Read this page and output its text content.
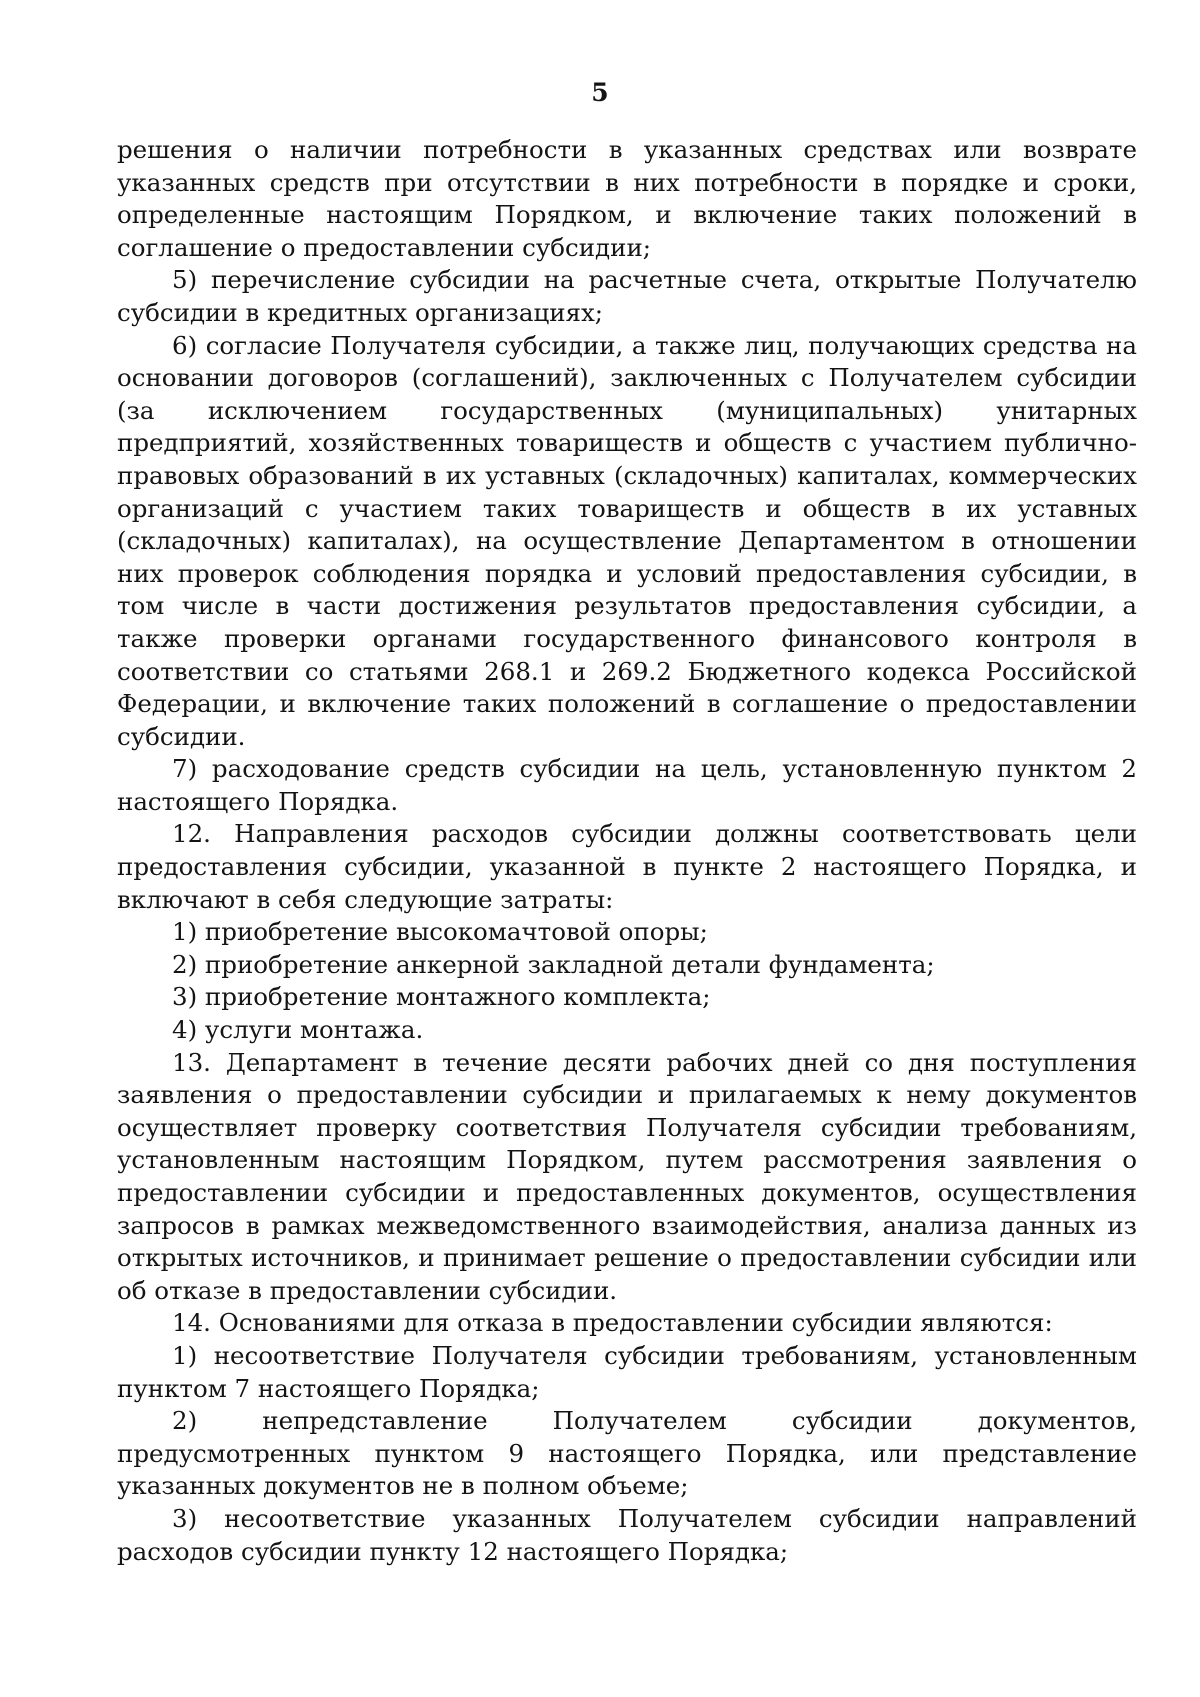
5

решения о наличии потребности в указанных средствах или возврате указанных средств при отсутствии в них потребности в порядке и сроки, определенные настоящим Порядком, и включение таких положений в соглашение о предоставлении субсидии;

5) перечисление субсидии на расчетные счета, открытые Получателю субсидии в кредитных организациях;

6) согласие Получателя субсидии, а также лиц, получающих средства на основании договоров (соглашений), заключенных с Получателем субсидии (за исключением государственных (муниципальных) унитарных предприятий, хозяйственных товариществ и обществ с участием публично-правовых образований в их уставных (складочных) капиталах, коммерческих организаций с участием таких товариществ и обществ в их уставных (складочных) капиталах), на осуществление Департаментом в отношении них проверок соблюдения порядка и условий предоставления субсидии, в том числе в части достижения результатов предоставления субсидии, а также проверки органами государственного финансового контроля в соответствии со статьями 268.1 и 269.2 Бюджетного кодекса Российской Федерации, и включение таких положений в соглашение о предоставлении субсидии.

7) расходование средств субсидии на цель, установленную пунктом 2 настоящего Порядка.

12. Направления расходов субсидии должны соответствовать цели предоставления субсидии, указанной в пункте 2 настоящего Порядка, и включают в себя следующие затраты:

1) приобретение высокомачтовой опоры;

2) приобретение анкерной закладной детали фундамента;

3) приобретение монтажного комплекта;

4) услуги монтажа.

13. Департамент в течение десяти рабочих дней со дня поступления заявления о предоставлении субсидии и прилагаемых к нему документов осуществляет проверку соответствия Получателя субсидии требованиям, установленным настоящим Порядком, путем рассмотрения заявления о предоставлении субсидии и предоставленных документов, осуществления запросов в рамках межведомственного взаимодействия, анализа данных из открытых источников, и принимает решение о предоставлении субсидии или об отказе в предоставлении субсидии.

14. Основаниями для отказа в предоставлении субсидии являются:

1) несоответствие Получателя субсидии требованиям, установленным пунктом 7 настоящего Порядка;

2) непредставление Получателем субсидии документов, предусмотренных пунктом 9 настоящего Порядка, или представление указанных документов не в полном объеме;

3) несоответствие указанных Получателем субсидии направлений расходов субсидии пункту 12 настоящего Порядка;
